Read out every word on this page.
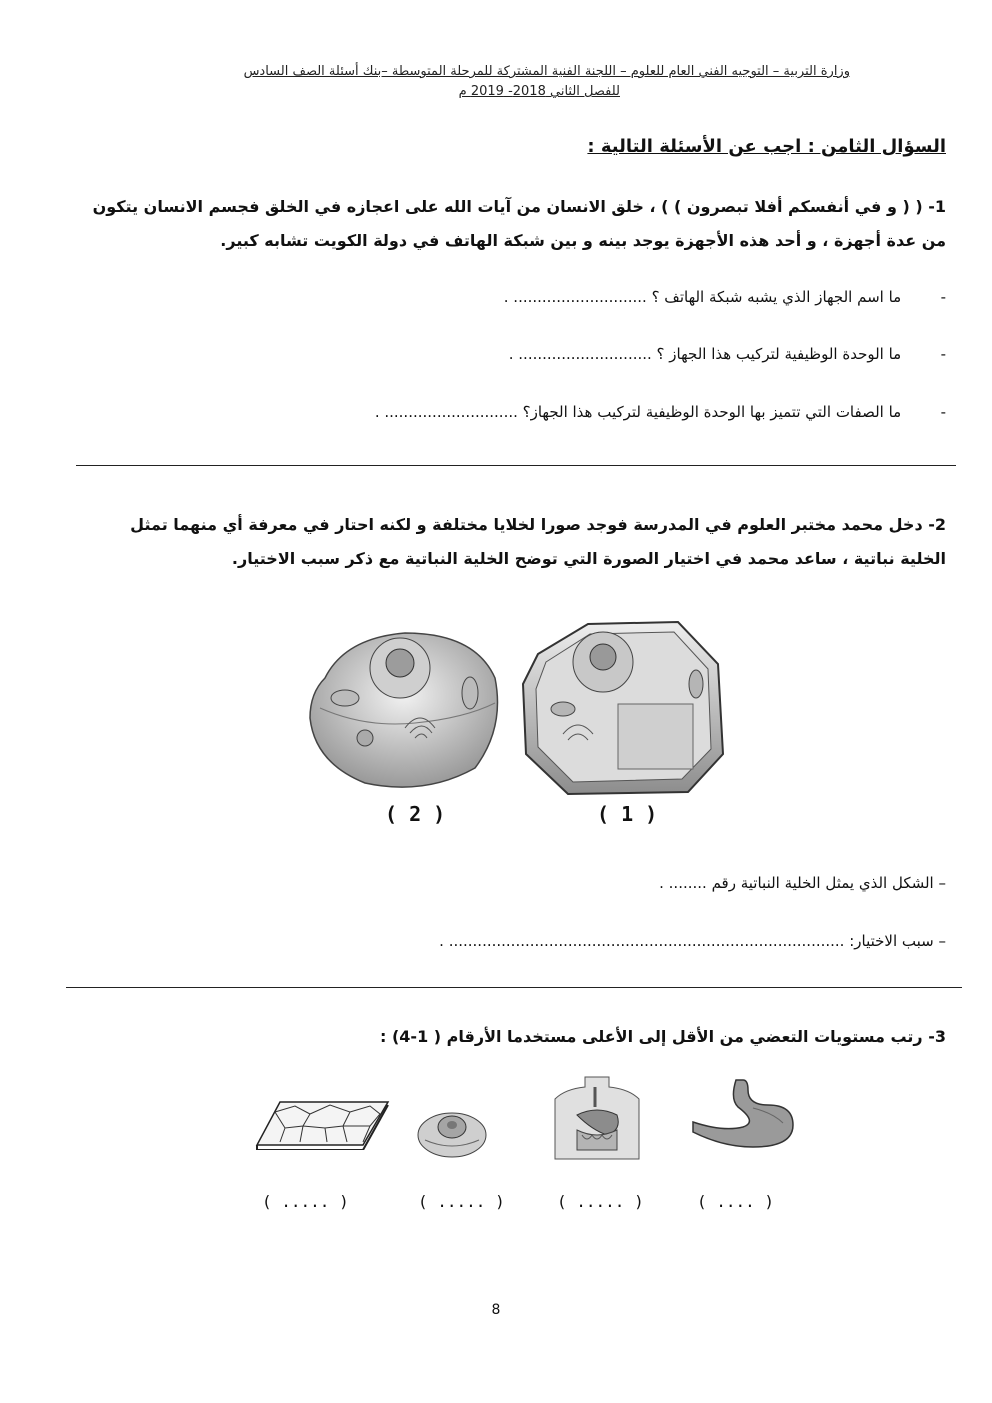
وزارة التربية – التوجيه الفني العام للعلوم – اللجنة الفنية المشتركة للمرحلة المتوسطة –بنك أسئلة الصف السادس
للفصل الثاني 2018- 2019 م
السؤال الثامن : اجب عن الأسئلة التالية :
1- ( ( و في أنفسكم أفلا تبصرون ) ) ، خلق الانسان من آيات الله على اعجازه في الخلق فجسم الانسان يتكون من عدة أجهزة ، و أحد هذه الأجهزة يوجد بينه و بين شبكة الهاتف في دولة الكويت تشابه كبير.
- ما اسم الجهاز الذي يشبه شبكة الهاتف ؟ ............................ .
- ما الوحدة الوظيفية لتركيب هذا الجهاز ؟ ............................ .
- ما الصفات التي تتميز بها الوحدة الوظيفية لتركيب هذا الجهاز؟ ............................ .
2- دخل محمد مختبر العلوم في المدرسة فوجد صورا لخلايا مختلفة و لكنه احتار في معرفة أي منهما تمثل الخلية نباتية ، ساعد محمد في اختيار الصورة التي توضح الخلية النباتية مع ذكر سبب الاختيار.
( 2 )	( 1 )
– الشكل الذي يمثل الخلية النباتية رقم ........ .
– سبب الاختيار: ................................................................................... .
3- رتب مستويات التعضي من الأقل إلى الأعلى مستخدما الأرقام ( 1-4) :
( ..... )	( ..... )	( ..... )	( .... )
8
